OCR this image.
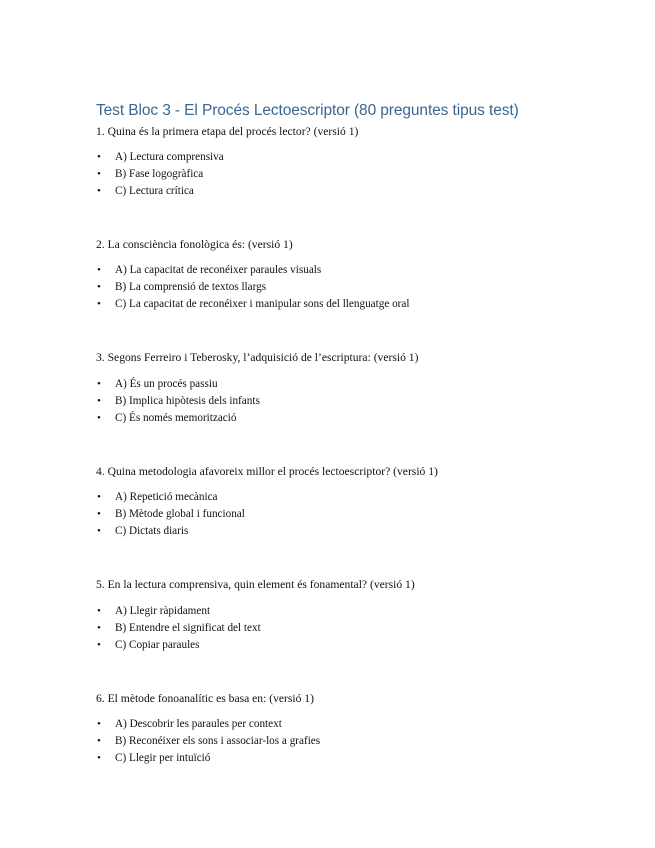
Test Bloc 3 - El Procés Lectoescriptor (80 preguntes tipus test)
1. Quina és la primera etapa del procés lector? (versió 1)
• A) Lectura comprensiva
• B) Fase logogràfica
• C) Lectura crítica
2. La consciència fonològica és: (versió 1)
• A) La capacitat de reconéixer paraules visuals
• B) La comprensió de textos llargs
• C) La capacitat de reconéixer i manipular sons del llenguatge oral
3. Segons Ferreiro i Teberosky, l’adquisició de l’escriptura: (versió 1)
• A) És un procés passiu
• B) Implica hipòtesis dels infants
• C) És només memorització
4. Quina metodologia afavoreix millor el procés lectoescriptor? (versió 1)
• A) Repetició mecànica
• B) Mètode global i funcional
• C) Dictats diaris
5. En la lectura comprensiva, quin element és fonamental? (versió 1)
• A) Llegir ràpidament
• B) Entendre el significat del text
• C) Copiar paraules
6. El mètode fonoanalític es basa en: (versió 1)
• A) Descobrir les paraules per context
• B) Reconéixer els sons i associar-los a grafies
• C) Llegir per intuïció
